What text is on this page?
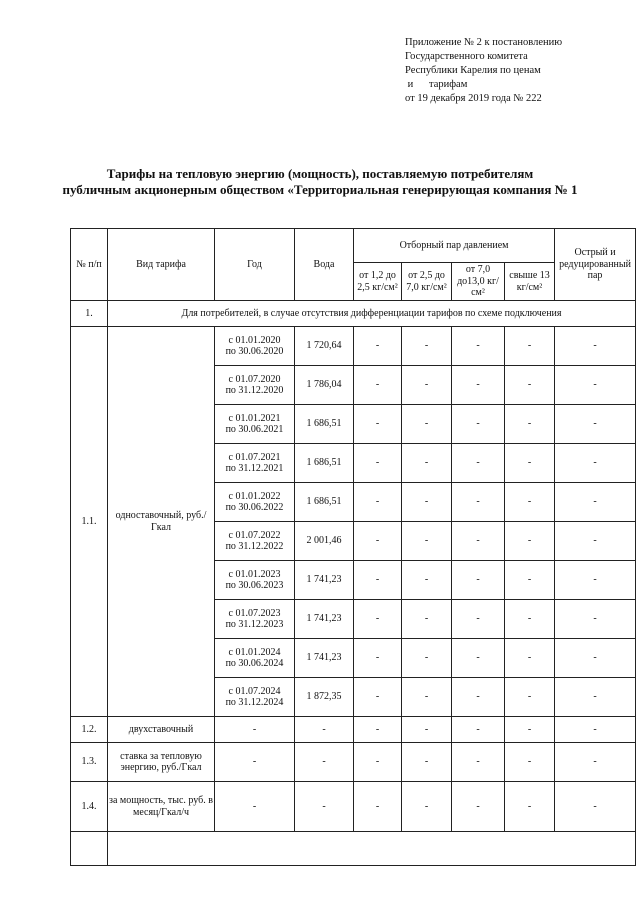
Приложение № 2 к постановлению
Государственного комитета
Республики Карелия по ценам
и      тарифам
от 19 декабря 2019 года № 222
Тарифы на тепловую энергию (мощность), поставляемую потребителям
публичным акционерным обществом «Территориальная генерирующая компания № 1
№ п/п	Вид тарифа	Год	Вода	Отборный пар давлением				Острый и редуцированный пар
				от 1,2 до 2,5 кг/см²	от 2,5 до 7,0 кг/см²	от 7,0 до13,0 кг/см²	свыше 13 кг/см²	
1.	Для потребителей, в случае отсутствия дифференциации тарифов по схеме подключения							
1.1.	одноставочный, руб./Гкал	с 01.01.2020
по 30.06.2020	1 720,64	-	-	-	-	-

		с 01.07.2020
по 31.12.2020	1 786,04	-	-	-	-	-

		с 01.01.2021
по 30.06.2021	1 686,51	-	-	-	-	-

		с 01.07.2021
по 31.12.2021	1 686,51	-	-	-	-	-

		с 01.01.2022
по 30.06.2022	1 686,51	-	-	-	-	-

		с 01.07.2022
по 31.12.2022	2 001,46	-	-	-	-	-

		с 01.01.2023
по 30.06.2023	1 741,23	-	-	-	-	-

		с 01.07.2023
по 31.12.2023	1 741,23	-	-	-	-	-

		с 01.01.2024
по 30.06.2024	1 741,23	-	-	-	-	-

		с 01.07.2024
по 31.12.2024	1 872,35	-	-	-	-	-
1.2.	двухставочный	-	-	-	-	-	-	-
1.3.	ставка за тепловую энергию, руб./Гкал	-	-	-	-	-	-	-
1.4.	за мощность, тыс. руб. в месяц/Гкал/ч	-	-	-	-	-	-	-
